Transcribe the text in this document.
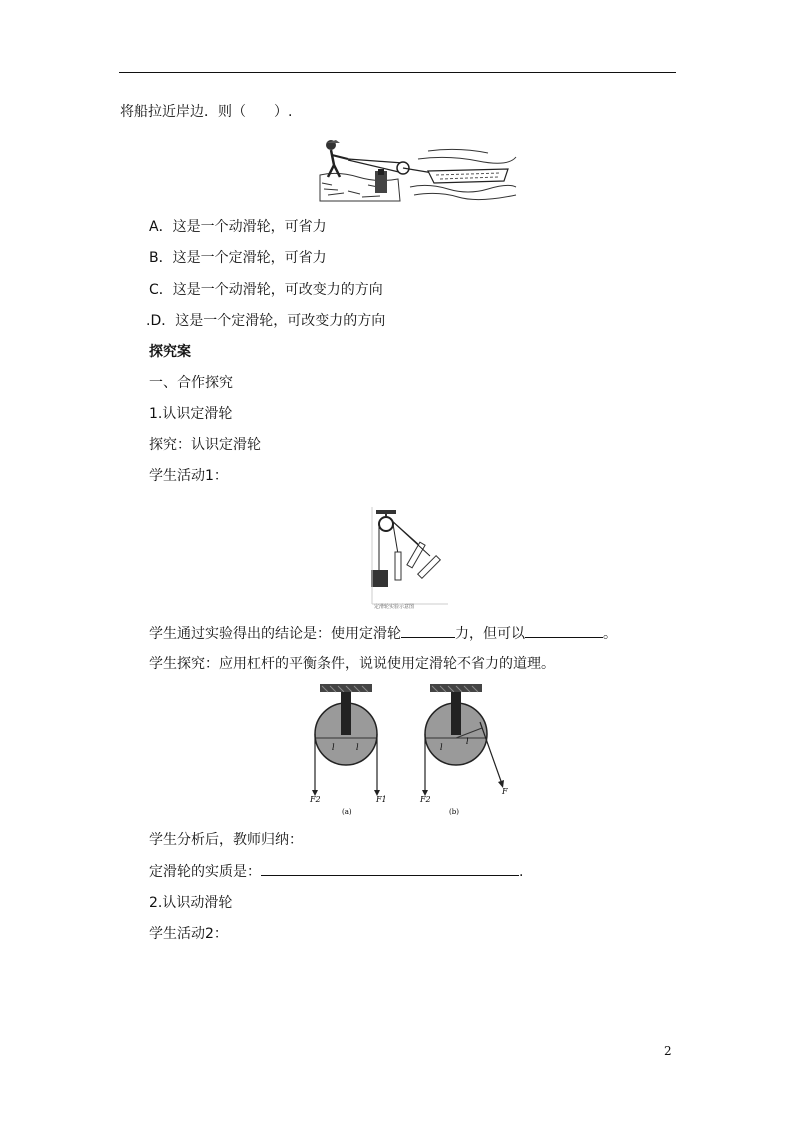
将船拉近岸边．则（　　）.
A．这是一个动滑轮，可省力
B．这是一个定滑轮，可省力
C．这是一个动滑轮，可改变力的方向
.D．这是一个定滑轮，可改变力的方向
探究案
一、合作探究
1.认识定滑轮
探究：认识定滑轮
学生活动1：
定滑轮实验示意图
学生通过实验得出的结论是：使用定滑轮	力，但可以	。
学生探究：应用杠杆的平衡条件，说说使用定滑轮不省力的道理。
l	l
F2	F1
(a)
l
l
F2
F
(b)
学生分析后，教师归纳：
定滑轮的实质是：	.
2.认识动滑轮
学生活动2：
2
